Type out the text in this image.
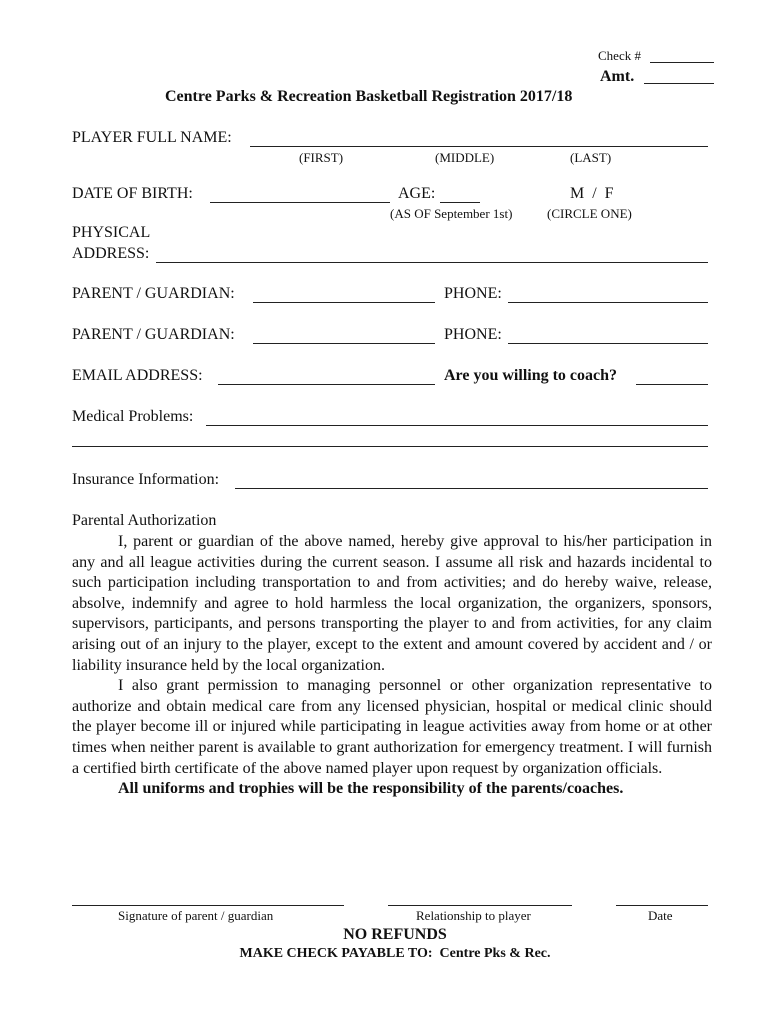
Check #
Amt.
Centre Parks & Recreation Basketball Registration 2017/18
PLAYER FULL NAME:
(FIRST)	(MIDDLE)	(LAST)
DATE OF BIRTH:	AGE:	M  /  F
(AS OF September 1st)	(CIRCLE ONE)
PHYSICAL
ADDRESS:
PARENT / GUARDIAN:	PHONE:
PARENT / GUARDIAN:	PHONE:
EMAIL ADDRESS:	Are you willing to coach?
Medical Problems:
Insurance Information:
Parental Authorization

I, parent or guardian of the above named, hereby give approval to his/her participation in any and all league activities during the current season. I assume all risk and hazards incidental to such participation including transportation to and from activities; and do hereby waive, release, absolve, indemnify and agree to hold harmless the local organization, the organizers, sponsors, supervisors, participants, and persons transporting the player to and from activities, for any claim arising out of an injury to the player, except to the extent and amount covered by accident and / or liability insurance held by the local organization.

I also grant permission to managing personnel or other organization representative to authorize and obtain medical care from any licensed physician, hospital or medical clinic should the player become ill or injured while participating in league activities away from home or at other times when neither parent is available to grant authorization for emergency treatment. I will furnish a certified birth certificate of the above named player upon request by organization officials.

All uniforms and trophies will be the responsibility of the parents/coaches.

Signature of parent / guardian	Relationship to player	Date
NO REFUNDS
MAKE CHECK PAYABLE TO:  Centre Pks & Rec.
